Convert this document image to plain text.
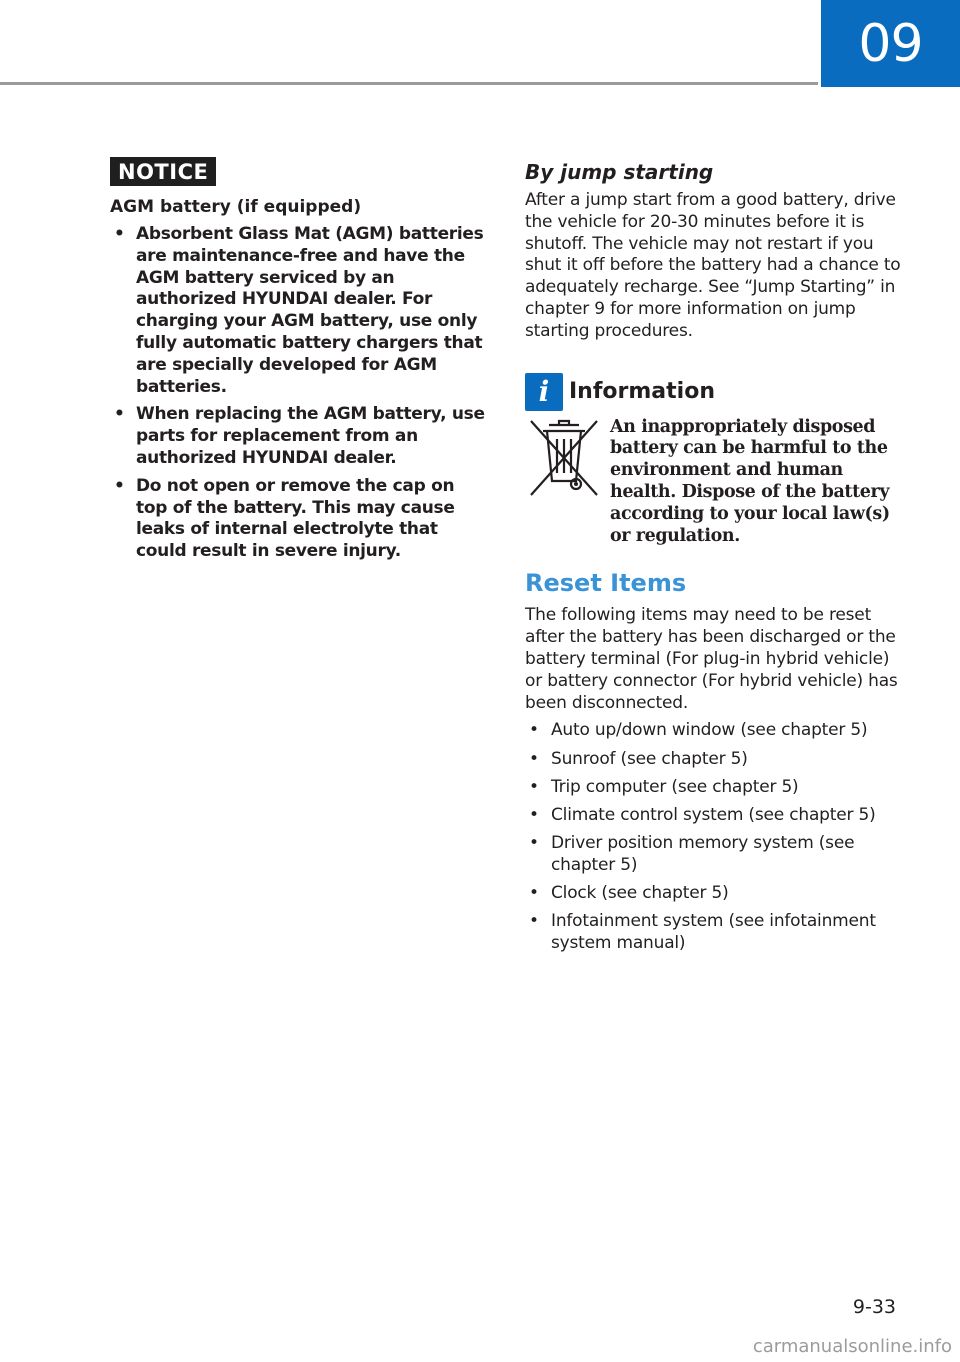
09
NOTICE
AGM battery (if equipped)
• Absorbent Glass Mat (AGM) batteries are maintenance-free and have the AGM battery serviced by an authorized HYUNDAI dealer. For charging your AGM battery, use only fully automatic battery chargers that are specially developed for AGM batteries.
• When replacing the AGM battery, use parts for replacement from an authorized HYUNDAI dealer.
• Do not open or remove the cap on top of the battery. This may cause leaks of internal electrolyte that could result in severe injury.
By jump starting

After a jump start from a good battery, drive the vehicle for 20-30 minutes before it is shutoff. The vehicle may not restart if you shut it off before the battery had a chance to adequately recharge. See “Jump Starting” in chapter 9 for more information on jump starting procedures.

i Information
An inappropriately disposed battery can be harmful to the environment and human health. Dispose of the battery according to your local law(s) or regulation.
Reset Items

The following items may need to be reset after the battery has been discharged or the battery terminal (For plug-in hybrid vehicle) or battery connector (For hybrid vehicle) has been disconnected.

• Auto up/down window (see chapter 5)
• Sunroof (see chapter 5)
• Trip computer (see chapter 5)
• Climate control system (see chapter 5)
• Driver position memory system (see chapter 5)
• Clock (see chapter 5)
• Infotainment system (see infotainment system manual)
9-33
carmanualsonline.info
